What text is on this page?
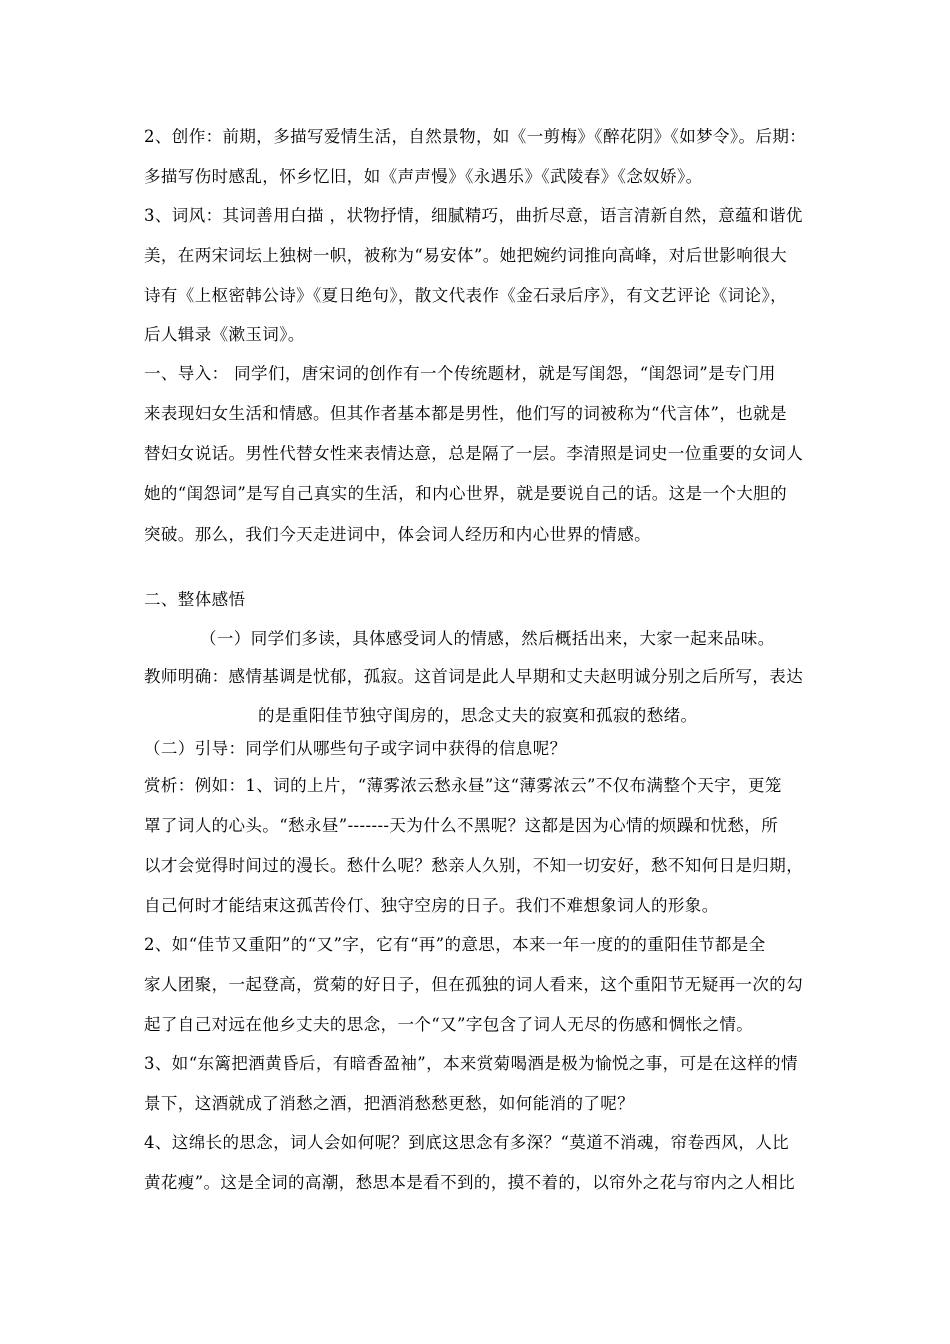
2、创作：前期，多描写爱情生活，自然景物，如《一剪梅》《醉花阴》《如梦令》。后期：
多描写伤时感乱，怀乡忆旧，如《声声慢》《永遇乐》《武陵春》《念奴娇》。
3、词风：其词善用白描 ，状物抒情，细腻精巧，曲折尽意，语言清新自然，意蕴和谐优
美，在两宋词坛上独树一帜，被称为“易安体”。她把婉约词推向高峰，对后世影响很大
诗有《上枢密韩公诗》《夏日绝句》，散文代表作《金石录后序》，有文艺评论《词论》，
后人辑录《漱玉词》。
一、导入： 同学们，唐宋词的创作有一个传统题材，就是写闺怨，“闺怨词”是专门用
来表现妇女生活和情感。但其作者基本都是男性，他们写的词被称为“代言体”，也就是
替妇女说话。男性代替女性来表情达意，总是隔了一层。李清照是词史一位重要的女词人
她的“闺怨词”是写自己真实的生活，和内心世界，就是要说自己的话。这是一个大胆的
突破。那么，我们今天走进词中，体会词人经历和内心世界的情感。
二、整体感悟
（一）同学们多读，具体感受词人的情感，然后概括出来，大家一起来品味。
教师明确：感情基调是忧郁，孤寂。这首词是此人早期和丈夫赵明诚分别之后所写，表达
的是重阳佳节独守闺房的，思念丈夫的寂寞和孤寂的愁绪。
（二）引导：同学们从哪些句子或字词中获得的信息呢？
赏析：例如：1、词的上片，“薄雾浓云愁永昼”这“薄雾浓云”不仅布满整个天宇，更笼
罩了词人的心头。“愁永昼”-------天为什么不黑呢？这都是因为心情的烦躁和忧愁，所
以才会觉得时间过的漫长。愁什么呢？愁亲人久别，不知一切安好，愁不知何日是归期，
自己何时才能结束这孤苦伶仃、独守空房的日子。我们不难想象词人的形象。
2、如“佳节又重阳”的“又”字，它有“再”的意思，本来一年一度的的重阳佳节都是全
家人团聚，一起登高，赏菊的好日子，但在孤独的词人看来，这个重阳节无疑再一次的勾
起了自己对远在他乡丈夫的思念，一个“又”字包含了词人无尽的伤感和惆怅之情。
3、如“东篱把酒黄昏后，有暗香盈袖”，本来赏菊喝酒是极为愉悦之事，可是在这样的情
景下，这酒就成了消愁之酒，把酒消愁愁更愁，如何能消的了呢？
4、这绵长的思念，词人会如何呢？到底这思念有多深？“莫道不消魂，帘卷西风，人比
黄花瘦”。这是全词的高潮，愁思本是看不到的，摸不着的，以帘外之花与帘内之人相比
